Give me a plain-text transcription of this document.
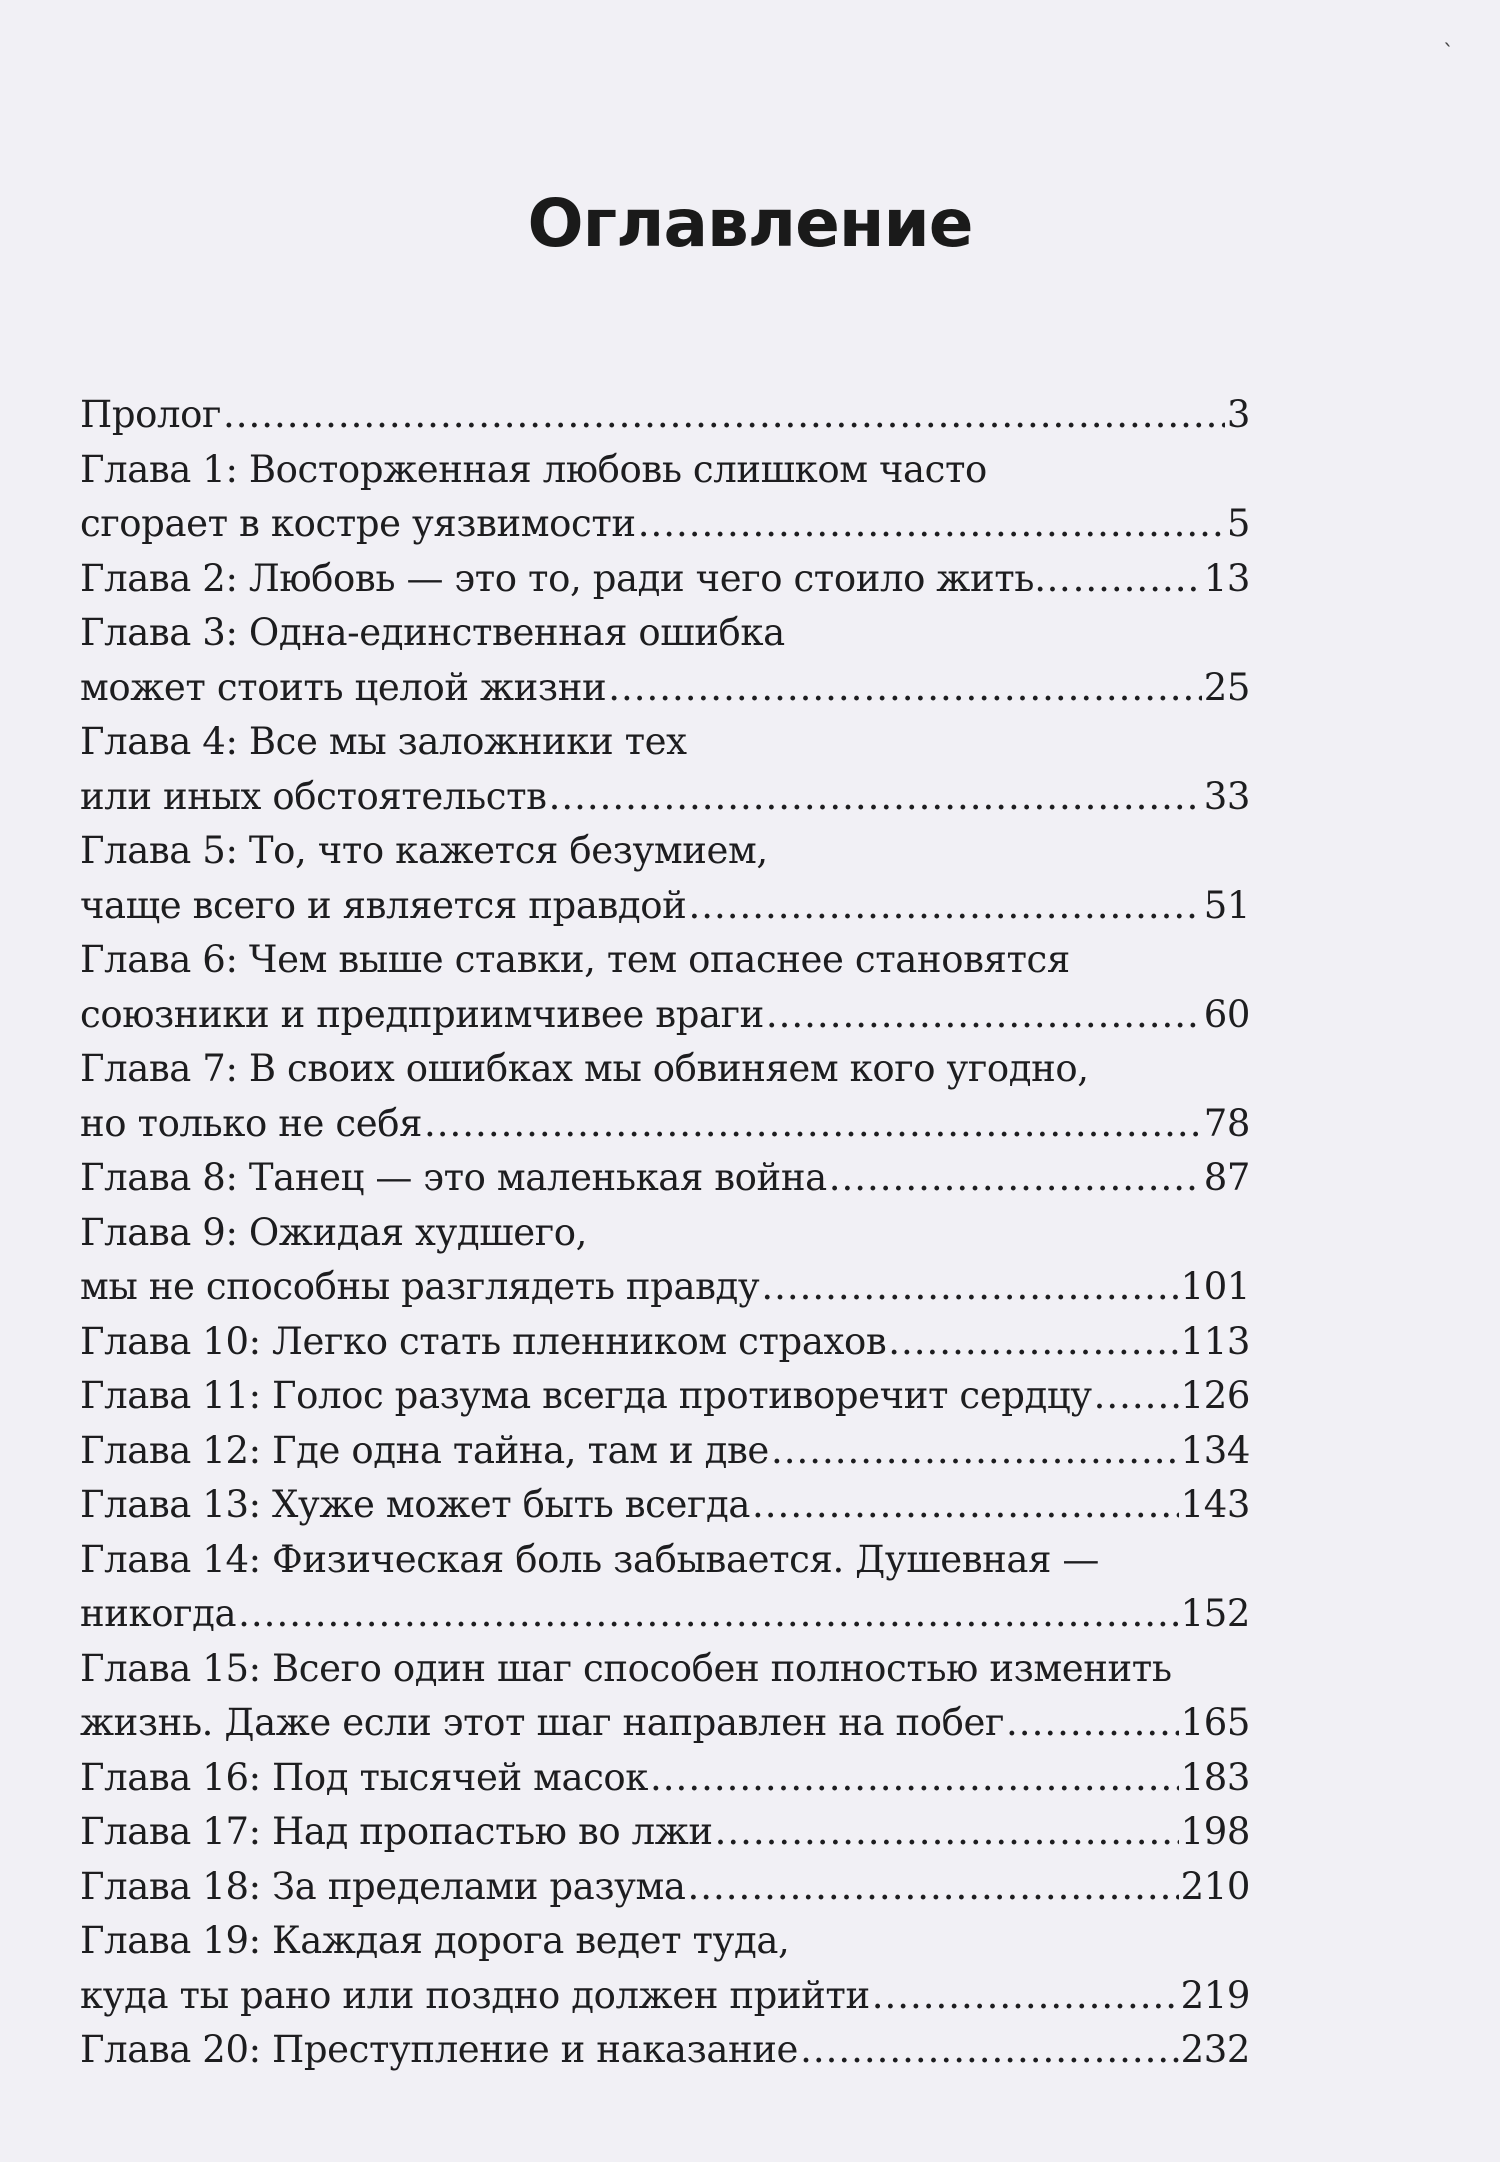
ˎ
Оглавление
Пролог .....	3
Глава 1: Восторженная любовь слишком часто
сгорает в костре уязвимости .....	5
Глава 2: Любовь — это то, ради чего стоило жить… .....	13
Глава 3: Одна-единственная ошибка
может стоить целой жизни .....	25
Глава 4: Все мы заложники тех
или иных обстоятельств .....	33
Глава 5: То, что кажется безумием,
чаще всего и является правдой .....	51
Глава 6: Чем выше ставки, тем опаснее становятся
союзники и предприимчивее враги .....	60
Глава 7: В своих ошибках мы обвиняем кого угодно,
но только не себя .....	78
Глава 8: Танец — это маленькая война .....	87
Глава 9: Ожидая худшего,
мы не способны разглядеть правду .....	101
Глава 10: Легко стать пленником страхов .....	113
Глава 11: Голос разума всегда противоречит сердцу ..... 126
Глава 12: Где одна тайна, там и две .....	134
Глава 13: Хуже может быть всегда .....	143
Глава 14: Физическая боль забывается. Душевная —
никогда .....	152
Глава 15: Всего один шаг способен полностью изменить
жизнь. Даже если этот шаг направлен на побег .....	165
Глава 16: Под тысячей масок .....	183
Глава 17: Над пропастью во лжи .....	198
Глава 18: За пределами разума .....	210
Глава 19: Каждая дорога ведет туда,
куда ты рано или поздно должен прийти .....	219
Глава 20: Преступление и наказание .....	232
